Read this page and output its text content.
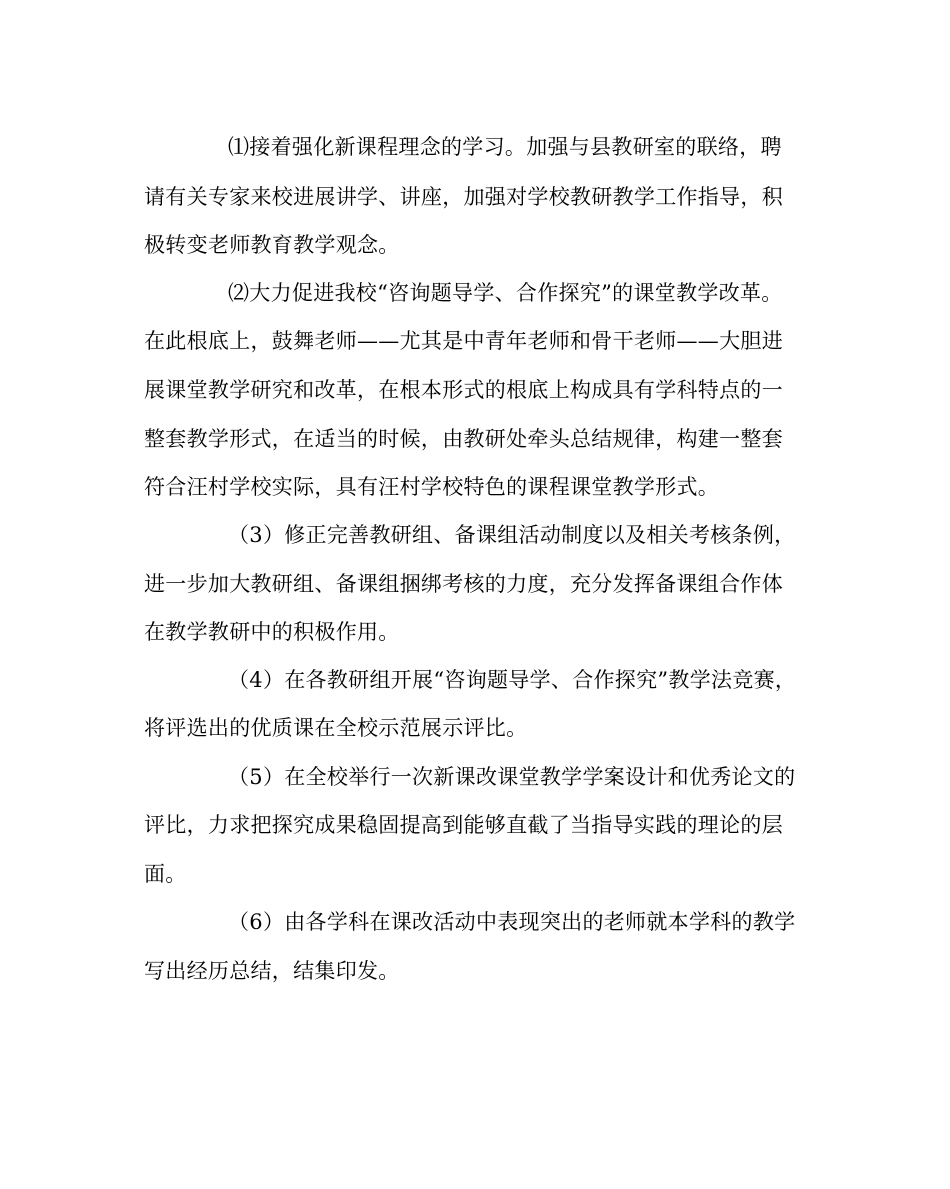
⑴接着强化新课程理念的学习。加强与县教研室的联络，聘
请有关专家来校进展讲学、讲座，加强对学校教研教学工作指导，积
极转变老师教育教学观念。
⑵大力促进我校“咨询题导学、合作探究”的课堂教学改革。
在此根底上，鼓舞老师——尤其是中青年老师和骨干老师——大胆进
展课堂教学研究和改革，在根本形式的根底上构成具有学科特点的一
整套教学形式，在适当的时候，由教研处牵头总结规律，构建一整套
符合汪村学校实际，具有汪村学校特色的课程课堂教学形式。
（3）修正完善教研组、备课组活动制度以及相关考核条例，
进一步加大教研组、备课组捆绑考核的力度，充分发挥备课组合作体
在教学教研中的积极作用。
（4）在各教研组开展“咨询题导学、合作探究”教学法竞赛，
将评选出的优质课在全校示范展示评比。
（5）在全校举行一次新课改课堂教学学案设计和优秀论文的
评比，力求把探究成果稳固提高到能够直截了当指导实践的理论的层
面。
（6）由各学科在课改活动中表现突出的老师就本学科的教学
写出经历总结，结集印发。
